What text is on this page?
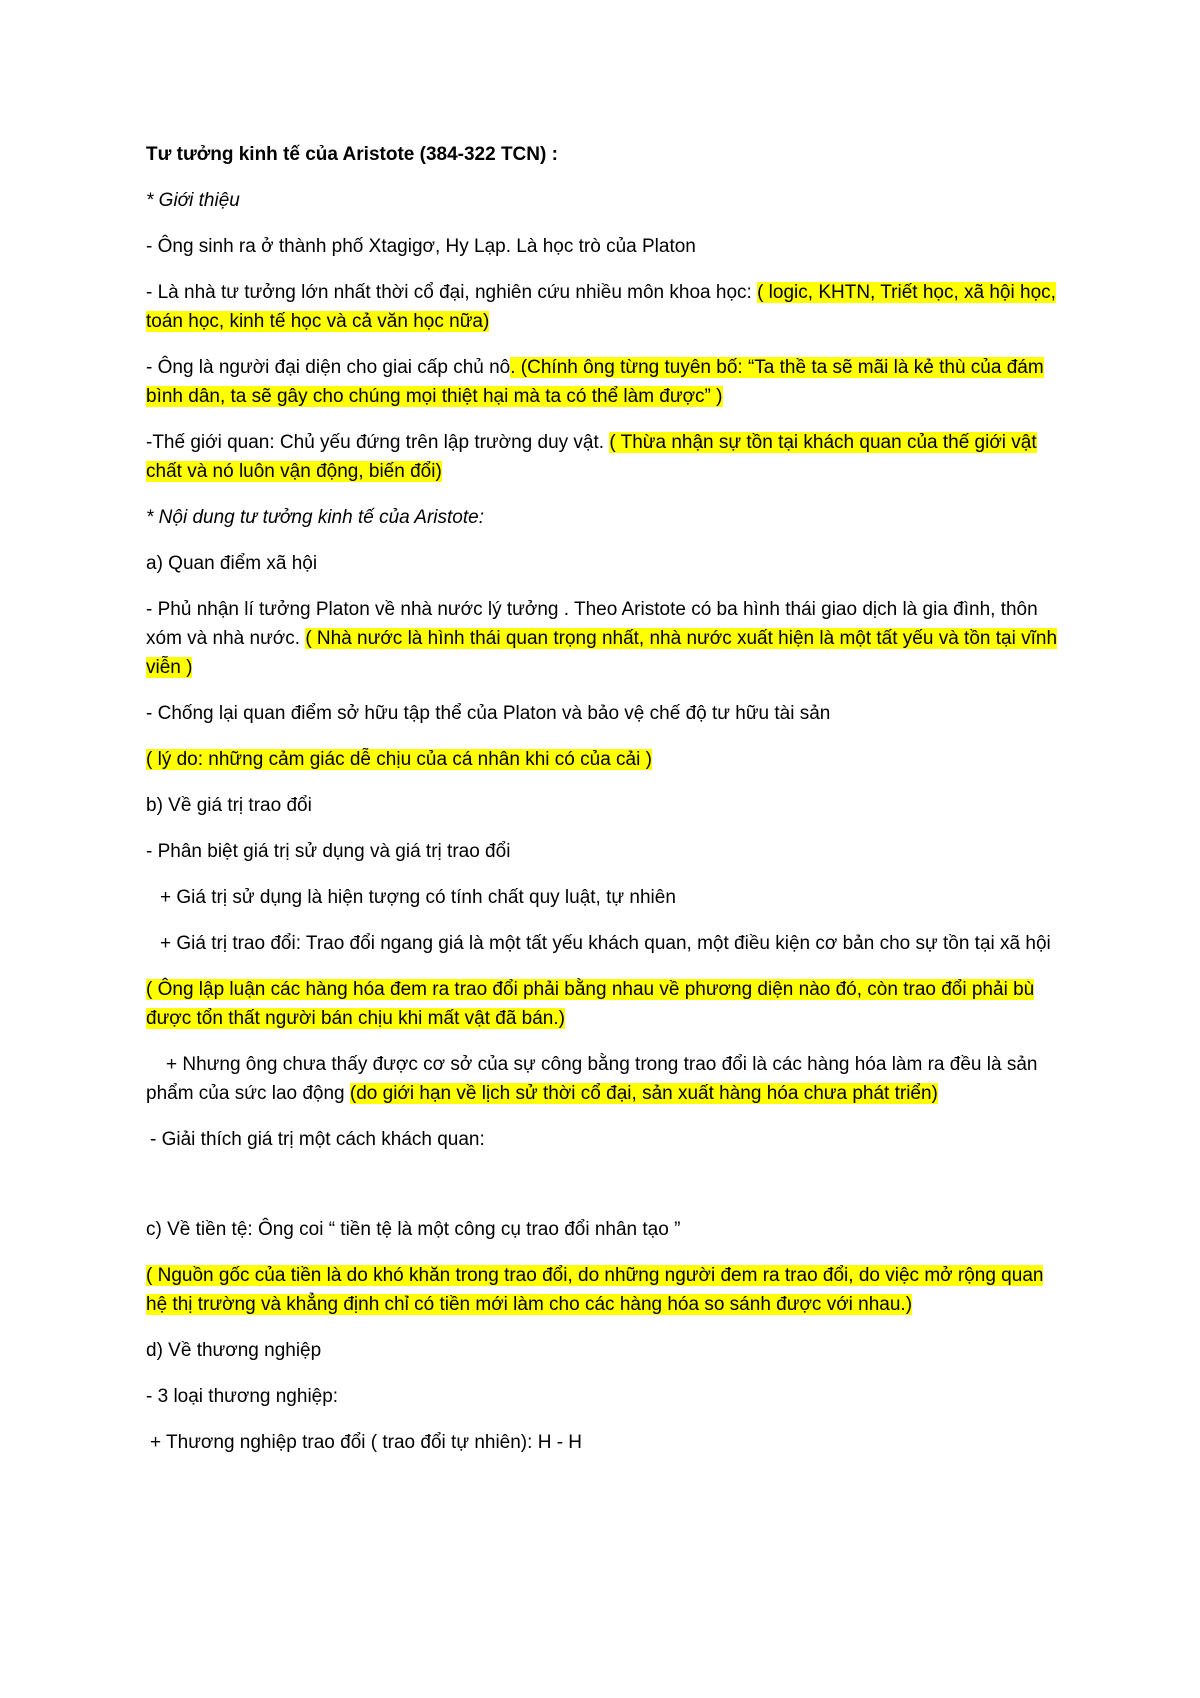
Tư tưởng kinh tế của Aristote (384-322 TCN) :

* Giới thiệu

- Ông sinh ra ở thành phố Xtagigơ, Hy Lạp. Là học trò của Platon

- Là nhà tư tưởng lớn nhất thời cổ đại, nghiên cứu nhiều môn khoa học: ( logic, KHTN, Triết học, xã hội học, toán học, kinh tế học và cả văn học nữa)

- Ông là người đại diện cho giai cấp chủ nô. (Chính ông từng tuyên bố: “Ta thề ta sẽ mãi là kẻ thù của đám bình dân, ta sẽ gây cho chúng mọi thiệt hại mà ta có thể làm được” )

-Thế giới quan: Chủ yếu đứng trên lập trường duy vật. ( Thừa nhận sự tồn tại khách quan của thế giới vật chất và nó luôn vận động, biến đổi)

* Nội dung tư tưởng kinh tế của Aristote:

a) Quan điểm xã hội

- Phủ nhận lí tưởng Platon về nhà nước lý tưởng . Theo Aristote có ba hình thái giao dịch là gia đình, thôn xóm và nhà nước. ( Nhà nước là hình thái quan trọng nhất, nhà nước xuất hiện là một tất yếu và tồn tại vĩnh viễn )

- Chống lại quan điểm sở hữu tập thể của Platon và bảo vệ chế độ tư hữu tài sản

( lý do: những cảm giác dễ chịu của cá nhân khi có của cải )

b) Về giá trị trao đổi

- Phân biệt giá trị sử dụng và giá trị trao đổi

+ Giá trị sử dụng là hiện tượng có tính chất quy luật, tự nhiên

+ Giá trị trao đổi: Trao đổi ngang giá là một tất yếu khách quan, một điều kiện cơ bản cho sự tồn tại xã hội

( Ông lập luận các hàng hóa đem ra trao đổi phải bằng nhau về phương diện nào đó, còn trao đổi phải bù được tổn thất người bán chịu khi mất vật đã bán.)

+ Nhưng ông chưa thấy được cơ sở của sự công bằng trong trao đổi là các hàng hóa làm ra đều là sản phẩm của sức lao động (do giới hạn về lịch sử thời cổ đại, sản xuất hàng hóa chưa phát triển)

- Giải thích giá trị một cách khách quan:

c) Về tiền tệ: Ông coi “ tiền tệ là một công cụ trao đổi nhân tạo ”

( Nguồn gốc của tiền là do khó khăn trong trao đổi, do những người đem ra trao đổi, do việc mở rộng quan hệ thị trường và khẳng định chỉ có tiền mới làm cho các hàng hóa so sánh được với nhau.)

d) Về thương nghiệp

- 3 loại thương nghiệp:

+ Thương nghiệp trao đổi ( trao đổi tự nhiên): H - H
